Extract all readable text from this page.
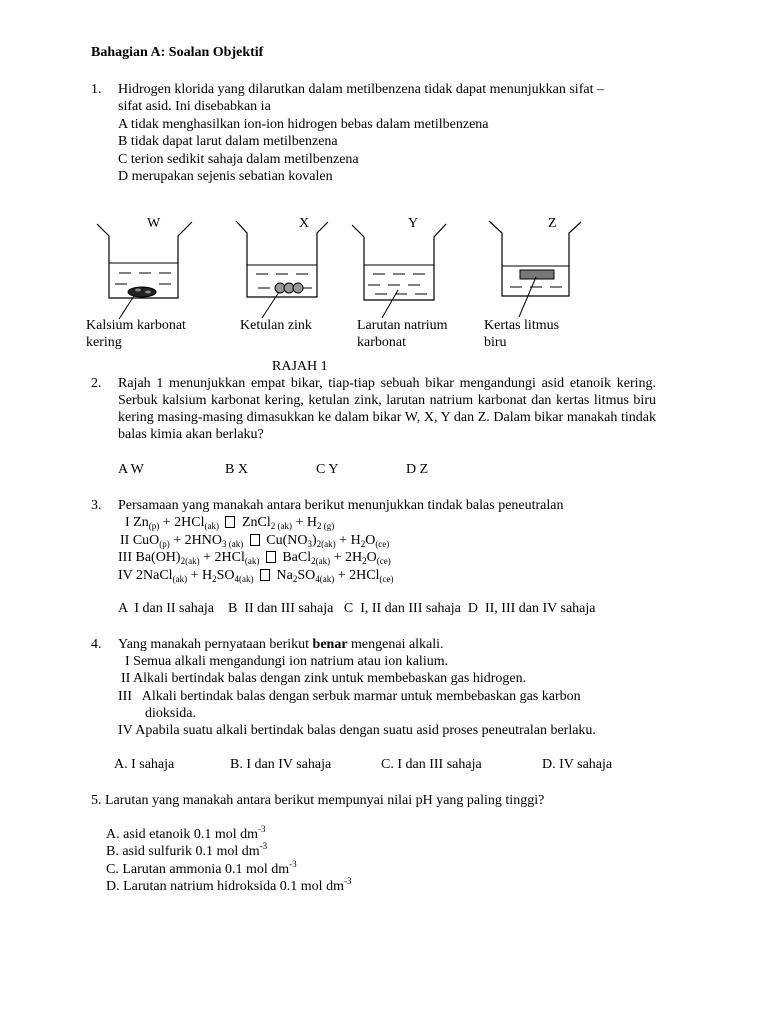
Bahagian A: Soalan Objektif
1. Hidrogen klorida yang dilarutkan dalam metilbenzena tidak dapat menunjukkan sifat –
sifat asid. Ini disebabkan ia
A tidak menghasilkan ion-ion hidrogen bebas dalam metilbenzena
B tidak dapat larut dalam metilbenzena
C terion sedikit sahaja dalam metilbenzena
D merupakan sejenis sebatian kovalen
W	X	Y	Z
Kalsium karbonat
kering
Ketulan zink	Larutan natrium
karbonat
Kertas litmus
biru
RAJAH 1
2. Rajah 1 menunjukkan empat bikar, tiap-tiap sebuah bikar mengandungi asid etanoik kering. Serbuk kalsium karbonat kering, ketulan zink, larutan natrium karbonat dan kertas litmus biru kering masing-masing dimasukkan ke dalam bikar W, X, Y dan Z. Dalam bikar manakah tindak balas kimia akan berlaku?
A W	B X	C Y	D Z
3. Persamaan yang manakah antara berikut menunjukkan tindak balas peneutralan
I $Zn_{(p)} + 2HCl_{(ak)}$  ZnCl$_{2 (ak)}$ + $H_{2 (g)}$
II $CuO_{(p)} + 2HNO_{3 (ak)}$  $Cu(NO_3)_{2(ak)} + H_2O_{(ce)}$
III $Ba(OH)_{2(ak)} + 2HCl_{(ak)}$  BaCl$_{2(ak)}$ + $2H_2O_{(ce)}$
IV 2NaCl$_{(ak)}$ + $H_2SO_{4(ak)}$  $Na_2SO_{4(ak)} + 2HCl_{(ce)}$
A  I dan II sahaja    B  II dan III sahaja   C  I, II dan III sahaja  D  II, III dan IV sahaja
4. Yang manakah pernyataan berikut benar mengenai alkali.
I Semua alkali mengandungi ion natrium atau ion kalium.
II Alkali bertindak balas dengan zink untuk membebaskan gas hidrogen.
III   Alkali bertindak balas dengan serbuk marmar untuk membebaskan gas karbon
dioksida.
IV Apabila suatu alkali bertindak balas dengan suatu asid proses peneutralan berlaku.
A. I sahaja	B. I dan IV sahaja	C. I dan III sahaja	D. IV sahaja
5. Larutan yang manakah antara berikut mempunyai nilai pH yang paling tinggi?
A. asid etanoik 0.1 mol $dm^{-3}$
B. asid sulfurik 0.1 mol $dm^{-3}$
C. Larutan ammonia 0.1 mol $dm^{-3}$
D. Larutan natrium hidroksida 0.1 mol $dm^{-3}$
